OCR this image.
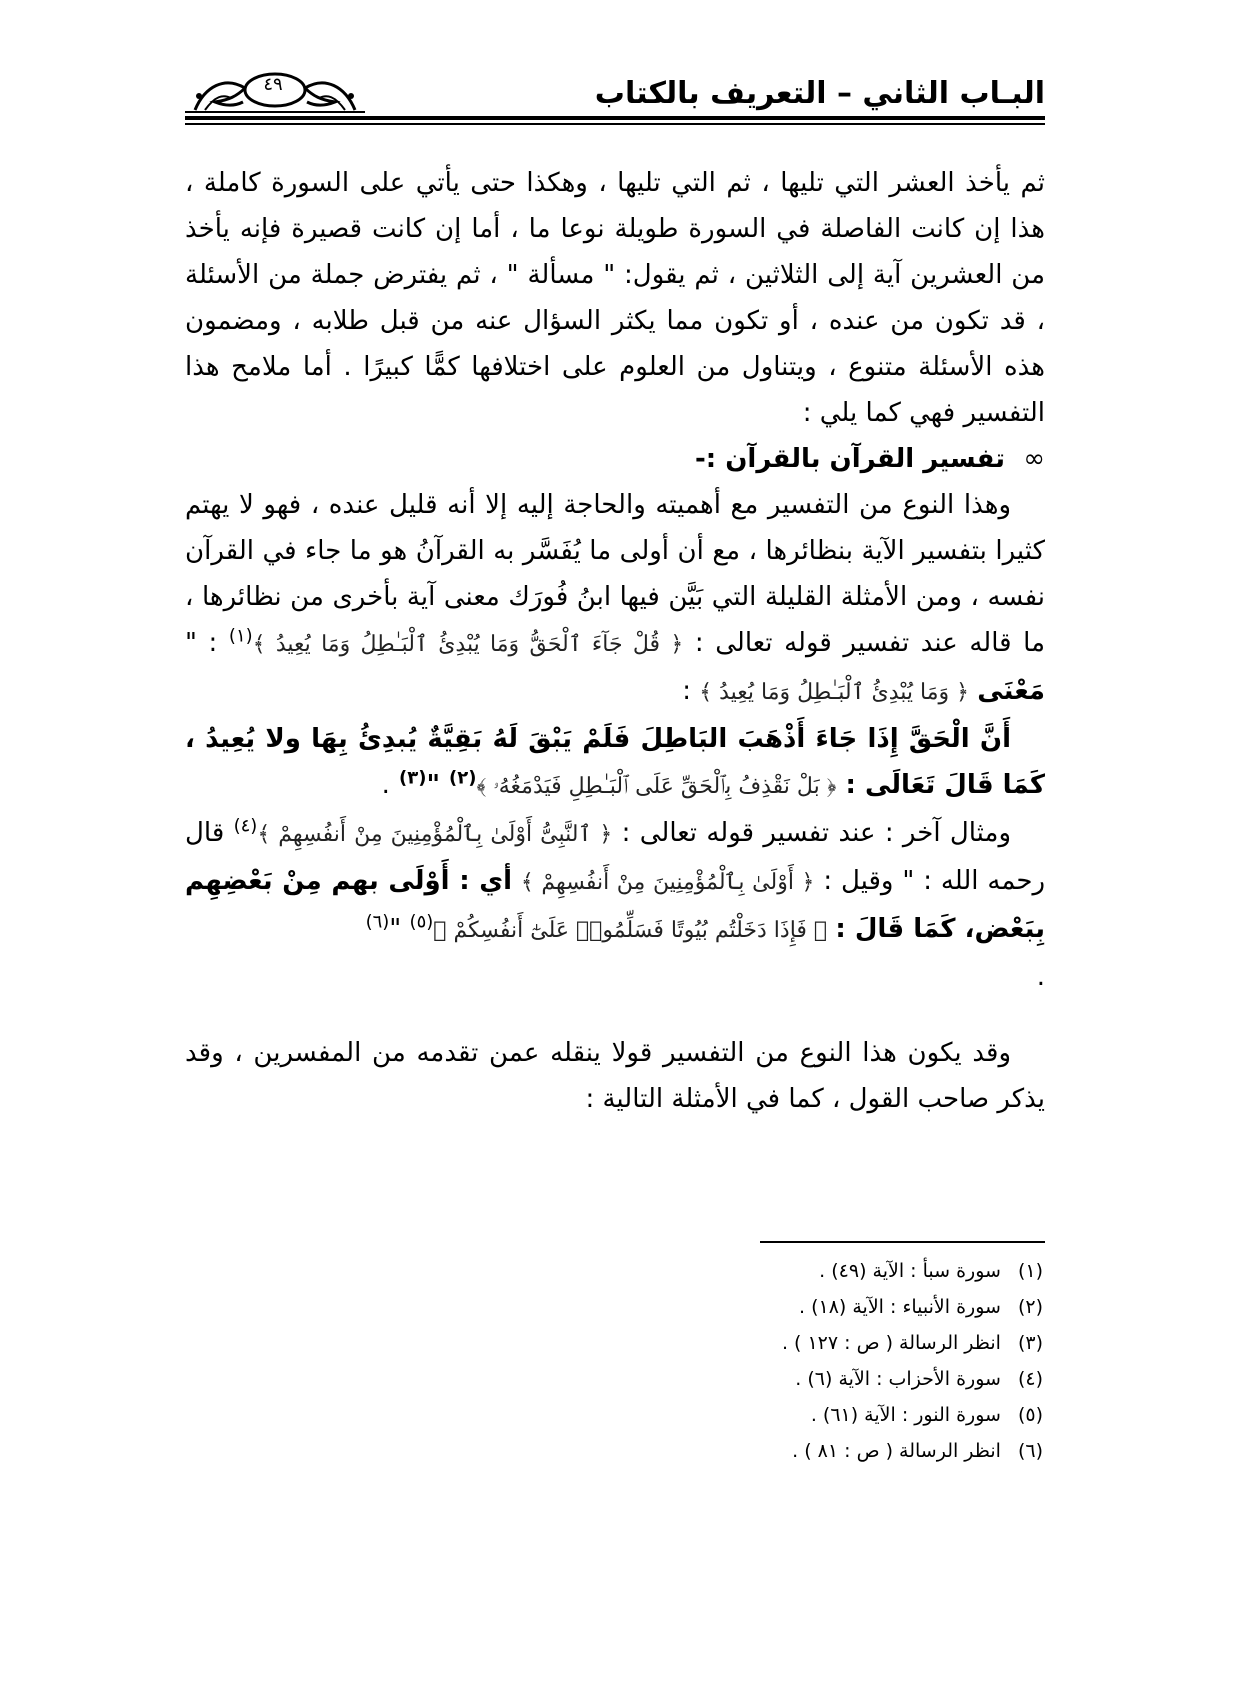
البـاب الثاني – التعريف بالكتاب
٤٩

ثم يأخذ العشر التي تليها ، ثم التي تليها ، وهكذا حتى يأتي على السورة كاملة ، هذا إن كانت الفاصلة في السورة طويلة نوعا ما ، أما إن كانت قصيرة فإنه يأخذ من العشرين آية إلى الثلاثين ، ثم يقول: " مسألة " ، ثم يفترض جملة من الأسئلة ، قد تكون من عنده ، أو تكون مما يكثر السؤال عنه من قبل طلابه ، ومضمون هذه الأسئلة متنوع ، ويتناول من العلوم على اختلافها كمًّا كبيرًا . أما ملامح هذا التفسير فهي كما يلي :

∞
تفسير القرآن بالقرآن :-

وهذا النوع من التفسير مع أهميته والحاجة إليه إلا أنه قليل عنده ، فهو لا يهتم كثيرا بتفسير الآية بنظائرها ، مع أن أولى ما يُفَسَّر به القرآنُ هو ما جاء في القرآن نفسه ، ومن الأمثلة القليلة التي بَيَّن فيها ابنُ فُورَك معنى آية بأخرى من نظائرها ، ما قاله عند تفسير قوله تعالى : ﴿ قُلْ جَآءَ ٱلْحَقُّ وَمَا يُبْدِئُ ٱلْبَـٰطِلُ وَمَا يُعِيدُ ﴾$^{(١)}$ : " مَعْنَى ﴿ وَمَا يُبْدِئُ ٱلْبَـٰطِلُ وَمَا يُعِيدُ ﴾ :

أَنَّ الْحَقَّ إِذَا جَاءَ أَذْهَبَ البَاطِلَ فَلَمْ يَبْقَ لَهُ بَقِيَّةٌ يُبدِئُ بِهَا ولا يُعِيدُ ، كَمَا قَالَ تَعَالَى : ﴿ بَلْ نَقْذِفُ بِٱلْحَقِّ عَلَى ٱلْبَـٰطِلِ فَيَدْمَغُهُۥ ﴾$^{(٢)}$ "$^{(٣)}$ .

ومثال آخر : عند تفسير قوله تعالى : ﴿ ٱلنَّبِىُّ أَوْلَىٰ بِٱلْمُؤْمِنِينَ مِنْ أَنفُسِهِمْ ﴾$^{(٤)}$ قال رحمه الله : " وقيل : ﴿ أَوْلَىٰ بِٱلْمُؤْمِنِينَ مِنْ أَنفُسِهِمْ ﴾ أي : أَوْلَى بهم مِنْ بَعْضِهِم بِبَعْض، كَمَا قَالَ : ﴿ فَإِذَا دَخَلْتُم بُيُوتًا فَسَلِّمُوا۟ عَلَىٰٓ أَنفُسِكُمْ ﴾$^{(٥)}$ "$^{(٦)}$

.

وقد يكون هذا النوع من التفسير قولا ينقله عمن تقدمه من المفسرين ، وقد يذكر صاحب القول ، كما في الأمثلة التالية :

(١) سورة سبأ : الآية (٤٩) .

(٢) سورة الأنبياء : الآية (١٨) .

(٣) انظر الرسالة ( ص : ١٢٧ ) .

(٤) سورة الأحزاب : الآية (٦) .

(٥) سورة النور : الآية (٦١) .

(٦) انظر الرسالة ( ص : ٨١ ) .
